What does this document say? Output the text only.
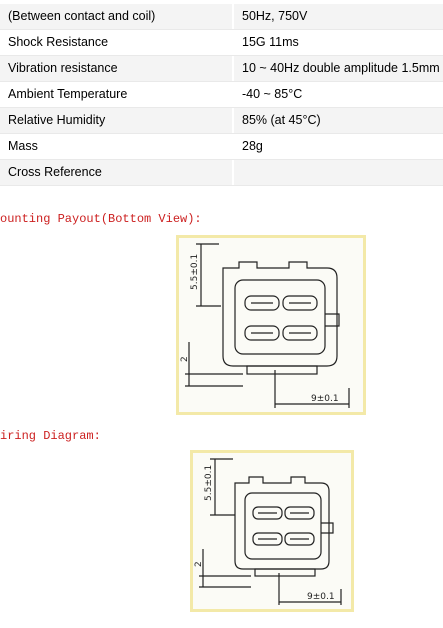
(Between contact and coil)	50Hz, 750V
Shock Resistance	15G 11ms
Vibration resistance	10 ~ 40Hz double amplitude 1.5mm
Ambient Temperature	-40 ~ 85°C
Relative Humidity	85% (at 45°C)
Mass	28g
Cross Reference
ounting Payout(Bottom View):
5.5±0.1
2
9±0.1
iring Diagram:
5.5±0.1
2
9±0.1
